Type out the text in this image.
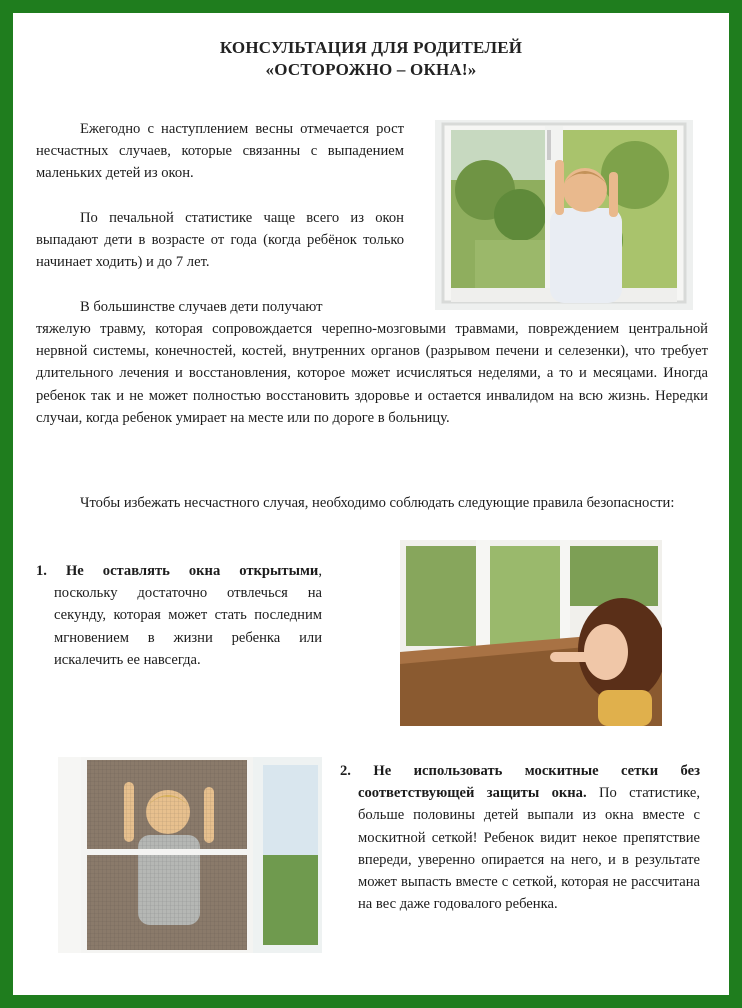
КОНСУЛЬТАЦИЯ ДЛЯ РОДИТЕЛЕЙ
«ОСТОРОЖНО – ОКНА!»
Ежегодно с наступлением весны отмечается рост несчастных случаев, которые связанны с выпадением маленьких детей из окон.
По печальной статистике чаще всего из окон выпадают дети в возрасте от года (когда ребёнок только начинает ходить) и до 7 лет.
В большинстве случаев дети получают
тяжелую травму, которая сопровождается черепно-мозговыми травмами, повреждением центральной нервной системы, конечностей, костей, внутренних органов (разрывом печени и селезенки), что требует длительного лечения и восстановления, которое может исчисляться неделями, а то и месяцами. Иногда ребенок так и не может полностью восстановить здоровье и остается инвалидом на всю жизнь. Нередки случаи, когда ребенок умирает на месте или по дороге в больницу.
Чтобы избежать несчастного случая, необходимо соблюдать следующие правила безопасности:
1. Не оставлять окна открытыми, поскольку достаточно отвлечься на секунду, которая может стать последним мгновением в жизни ребенка или искалечить ее навсегда.
2. Не использовать москитные сетки без соответствующей защиты окна. По статистике, больше половины детей выпали из окна вместе с москитной сеткой! Ребенок видит некое препятствие впереди, уверенно опирается на него, и в результате может выпасть вместе с сеткой, которая не рассчитана на вес даже годовалого ребенка.
